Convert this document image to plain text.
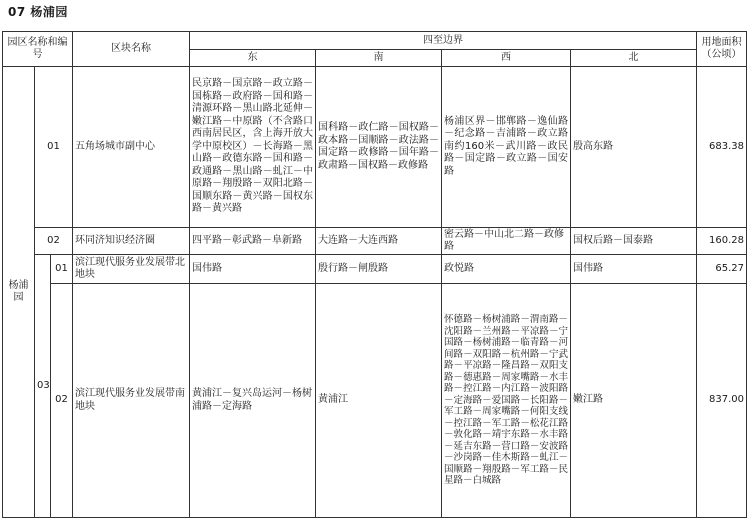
07 杨浦园
园区名称和编号			区块名称	四至边界				用地面积（公顷）
				东	南	西	北	
杨浦园	01		五角场城市副中心	民京路－国京路－政立路－国栋路－政府路－国和路－清源环路－黑山路北延伸－嫩江路－中原路（不含路口西南居民区，含上海开放大学中原校区）－长海路－黑山路－政德东路－国和路－政通路－黑山路－虬江－中原路－翔殷路－双阳北路－国顺东路－黄兴路－国权东路－黄兴路	国科路－政仁路－国权路－政本路－国顺路－政法路－国定路－政修路－国年路－政肃路－国权路－政修路	杨浦区界－邯郸路－逸仙路－纪念路－吉浦路－政立路南约160米－武川路－政民路－国定路－政立路－国安路	殷高东路	683.38
	02		环同济知识经济圈	四平路－彰武路－阜新路	大连路－大连西路	密云路－中山北二路－政修路	国权后路－国泰路	160.28
	03	01	滨江现代服务业发展带北地块	国伟路	殷行路－闸殷路	政悦路	国伟路	65.27
		02	滨江现代服务业发展带南地块	黄浦江－复兴岛运河－杨树浦路－定海路	黄浦江	怀德路－杨树浦路－渭南路－沈阳路－兰州路－平凉路－宁国路－杨树浦路－临青路－河间路－双阳路－杭州路－宁武路－平凉路－隆昌路－双阳支路－德惠路－周家嘴路－水丰路－控江路－内江路－波阳路－定海路－爱国路－长阳路－军工路－周家嘴路－何阳支线－控江路－军工路－松花江路－敦化路－靖宇东路－水丰路－延吉东路－营口路－安波路－沙岗路－佳木斯路－虬江－国顺路－翔殷路－军工路－民星路－白城路	嫩江路	837.00
